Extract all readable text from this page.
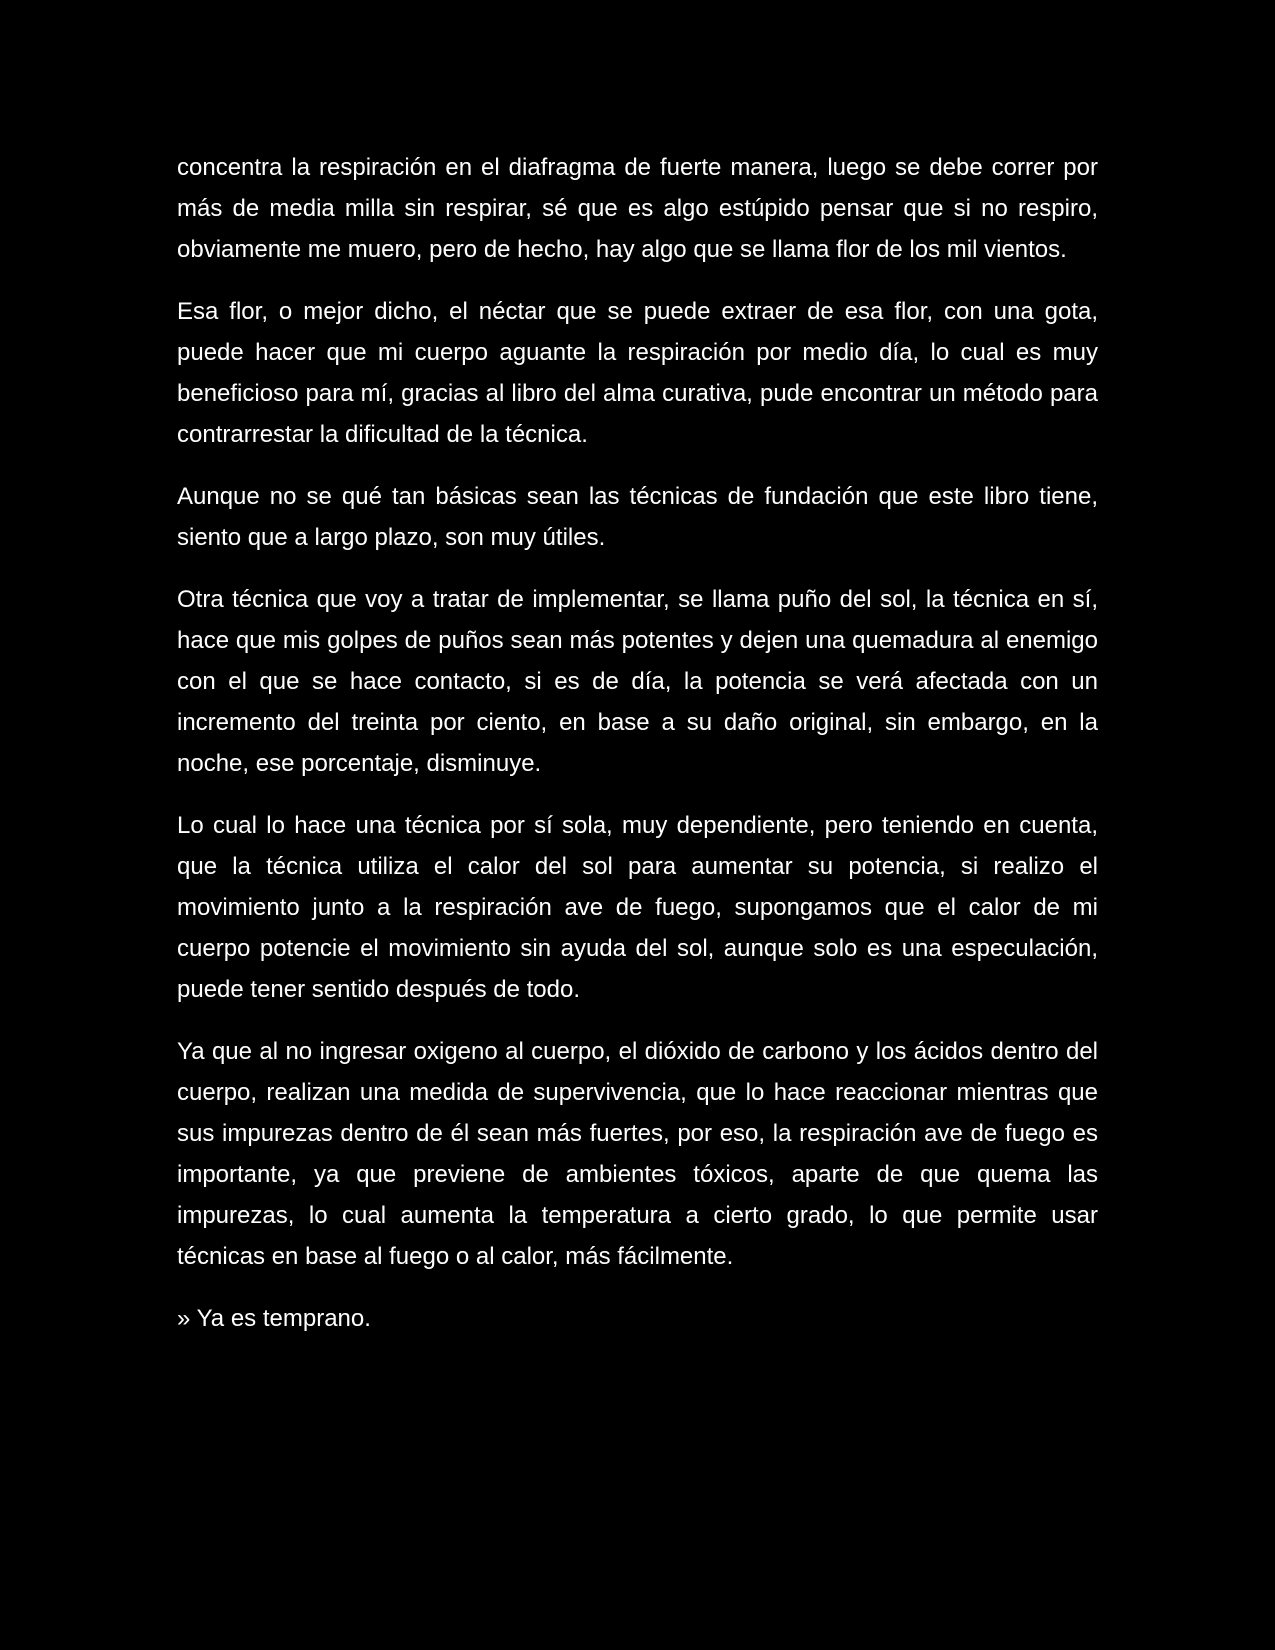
concentra la respiración en el diafragma de fuerte manera, luego se debe correr por más de media milla sin respirar, sé que es algo estúpido pensar que si no respiro, obviamente me muero, pero de hecho, hay algo que se llama flor de los mil vientos.

Esa flor, o mejor dicho, el néctar que se puede extraer de esa flor, con una gota, puede hacer que mi cuerpo aguante la respiración por medio día, lo cual es muy beneficioso para mí, gracias al libro del alma curativa, pude encontrar un método para contrarrestar la dificultad de la técnica.

Aunque no se qué tan básicas sean las técnicas de fundación que este libro tiene, siento que a largo plazo, son muy útiles.

Otra técnica que voy a tratar de implementar, se llama puño del sol, la técnica en sí, hace que mis golpes de puños sean más potentes y dejen una quemadura al enemigo con el que se hace contacto, si es de día, la potencia se verá afectada con un incremento del treinta por ciento, en base a su daño original, sin embargo, en la noche, ese porcentaje, disminuye.

Lo cual lo hace una técnica por sí sola, muy dependiente, pero teniendo en cuenta, que la técnica utiliza el calor del sol para aumentar su potencia, si realizo el movimiento junto a la respiración ave de fuego, supongamos que el calor de mi cuerpo potencie el movimiento sin ayuda del sol, aunque solo es una especulación, puede tener sentido después de todo.

Ya que al no ingresar oxigeno al cuerpo, el dióxido de carbono y los ácidos dentro del cuerpo, realizan una medida de supervivencia, que lo hace reaccionar mientras que sus impurezas dentro de él sean más fuertes, por eso, la respiración ave de fuego es importante, ya que previene de ambientes tóxicos, aparte de que quema las impurezas, lo cual aumenta la temperatura a cierto grado, lo que permite usar técnicas en base al fuego o al calor, más fácilmente.

» Ya es temprano.
